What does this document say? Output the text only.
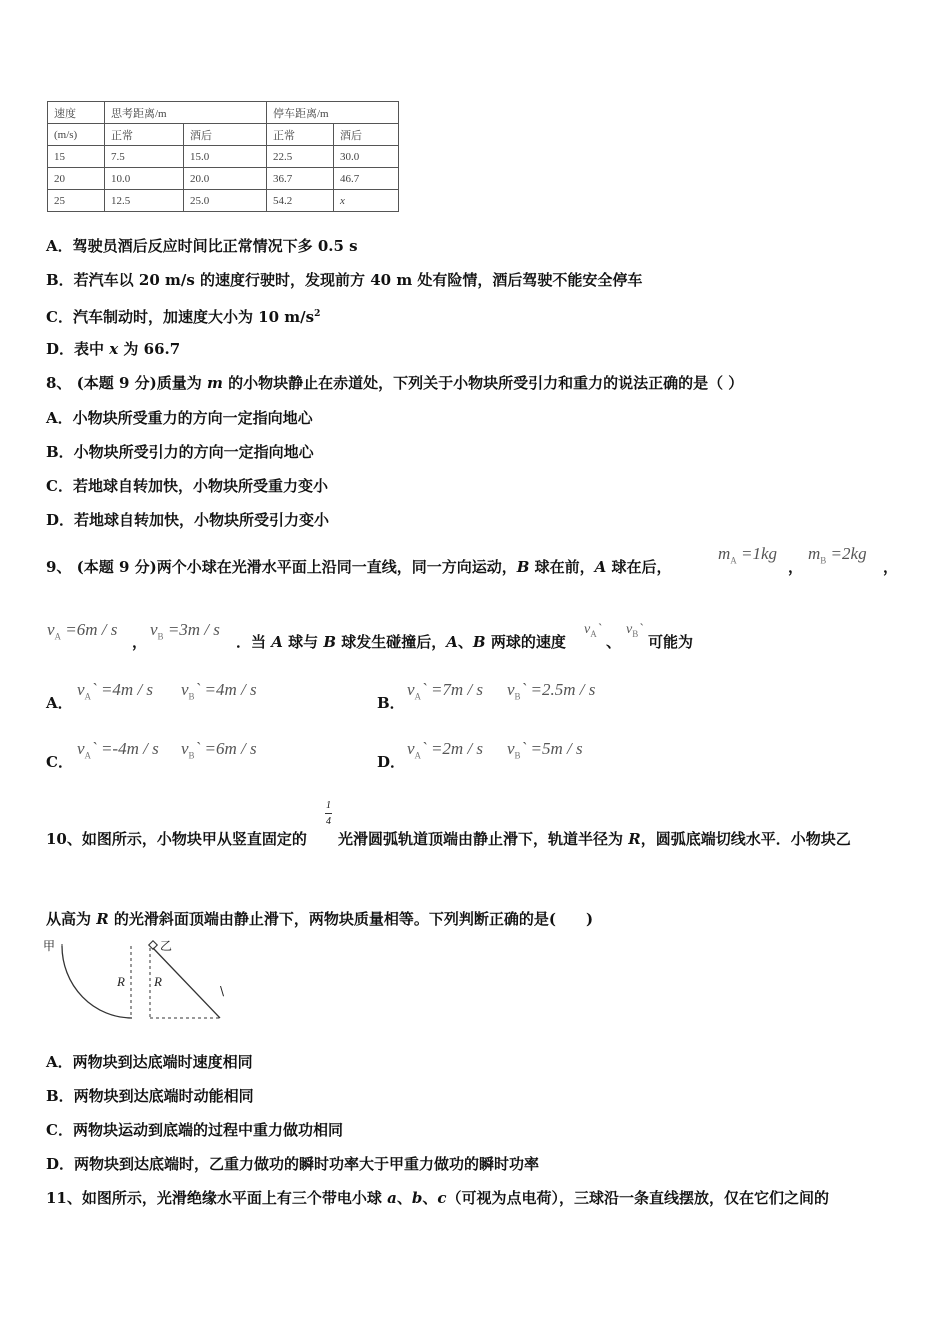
速度	思考距离/m		停车距离/m	
(m/s)	正常	酒后	正常	酒后
15	7.5	15.0	22.5	30.0
20	10.0	20.0	36.7	46.7
25	12.5	25.0	54.2	x
A．驾驶员酒后反应时间比正常情况下多 0.5 s
B．若汽车以 20 m/s 的速度行驶时，发现前方 40 m 处有险情，酒后驾驶不能安全停车
C．汽车制动时，加速度大小为 10 $m/s^2$
D．表中 x 为 66.7
8、 (本题 9 分)质量为 m 的小物块静止在赤道处，下列关于小物块所受引力和重力的说法正确的是（ ）
A．小物块所受重力的方向一定指向地心
B．小物块所受引力的方向一定指向地心
C．若地球自转加快，小物块所受重力变小
D．若地球自转加快，小物块所受引力变小
9、 (本题 9 分)两个小球在光滑水平面上沿同一直线，同一方向运动，B 球在前，A 球在后，
$m_A =1kg$
，
$m_B =2kg$
，
$v_A =6m / s$
，
$v_B =3m / s$
．当 A 球与 B 球发生碰撞后，A、B 两球的速度
$v_A`$
、
$v_B`$
可能为
A．
$v_A` =4m / s$ $v_B` =4m / s$
B．
$v_A` =7m / s$ $v_B` =2.5m / s$
C．
$v_A` =-4m / s$ $v_B` =6m / s$
D．
$v_A` =2m / s$ $v_B` =5m / s$
10、如图所示，小物块甲从竖直固定的
1
4
光滑圆弧轨道顶端由静止滑下，轨道半径为 R，圆弧底端切线水平．小物块乙
从高为 R 的光滑斜面顶端由静止滑下，两物块质量相等。下列判断正确的是(　　)
甲
R
乙
R
\
A．两物块到达底端时速度相同
B．两物块到达底端时动能相同
C．两物块运动到底端的过程中重力做功相同
D．两物块到达底端时，乙重力做功的瞬时功率大于甲重力做功的瞬时功率
11、如图所示，光滑绝缘水平面上有三个带电小球 a、b、c（可视为点电荷），三球沿一条直线摆放，仅在它们之间的
